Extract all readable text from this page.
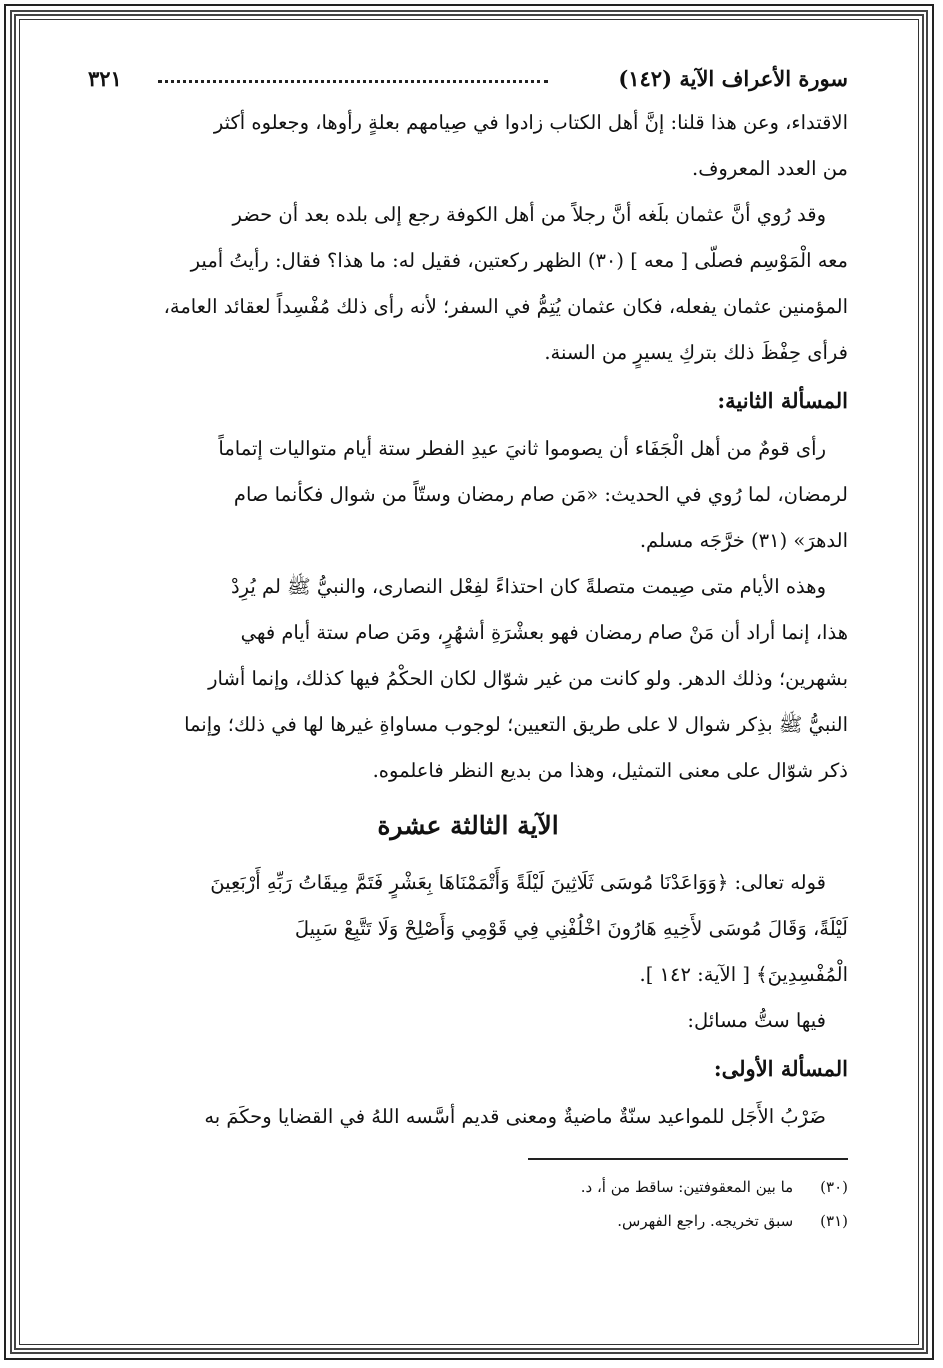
سورة الأعراف الآية (١٤٢)
٣٢١

الاقتداء، وعن هذا قلنا: إنَّ أهل الكتاب زادوا في صِيامهم بعلةٍ رأوها، وجعلوه أكثر

من العدد المعروف.

وقد رُوي أنَّ عثمان بلَغه أنَّ رجلاً من أهل الكوفة رجع إلى بلده بعد أن حضر

معه الْمَوْسِم فصلّى [ معه ] (٣٠) الظهر ركعتين، فقيل له: ما هذا؟ فقال: رأيتُ أمير

المؤمنين عثمان يفعله، فكان عثمان يُتِمُّ في السفر؛ لأنه رأى ذلك مُفْسِداً لعقائد العامة،

فرأى حِفْظَ ذلك بتركِ يسيرٍ من السنة.

المسألة الثانية:

رأى قومٌ من أهل الْجَفَاء أن يصوموا ثانيَ عيدِ الفطر ستة أيام متواليات إتماماً

لرمضان، لما رُوي في الحديث: «مَن صام رمضان وستّاً من شوال فكأنما صام

الدهرَ» (٣١) خرَّجَه مسلم.

وهذه الأيام متى صِيمت متصلةً كان احتذاءً لفِعْل النصارى، والنبيُّ ﷺ لم يُرِدْ

هذا، إنما أراد أن مَنْ صام رمضان فهو بعشْرَةِ أشهُرٍ، ومَن صام ستة أيام فهي

بشهرين؛ وذلك الدهر. ولو كانت من غير شوّال لكان الحكْمُ فيها كذلك، وإنما أشار

النبيُّ ﷺ بذِكر شوال لا على طريق التعيين؛ لوجوب مساواةِ غيرها لها في ذلك؛ وإنما

ذكر شوّال على معنى التمثيل، وهذا من بديع النظر فاعلموه.

الآية الثالثة عشرة

قوله تعالى: ﴿وَوَاعَدْنَا مُوسَى ثَلَاثِينَ لَيْلَةً وَأَتْمَمْنَاهَا بِعَشْرٍ فَتَمَّ مِيقَاتُ رَبِّهِ أَرْبَعِينَ

لَيْلَةً، وَقَالَ مُوسَى لأَخِيهِ هَارُونَ اخْلُفْنِي فِي قَوْمِي وَأَصْلِحْ وَلَا تَتَّبِعْ سَبِيلَ

الْمُفْسِدِينَ﴾ [ الآية: ١٤٢ ].

فيها ستُّ مسائل:

المسألة الأولى:

ضَرْبُ الأَجَل للمواعيد سنّةٌ ماضيةٌ ومعنى قديم أسَّسه اللهُ في القضايا وحكَمَ به

(٣٠) ما بين المعقوفتين: ساقط من أ، د.

(٣١) سبق تخريجه. راجع الفهرس.
